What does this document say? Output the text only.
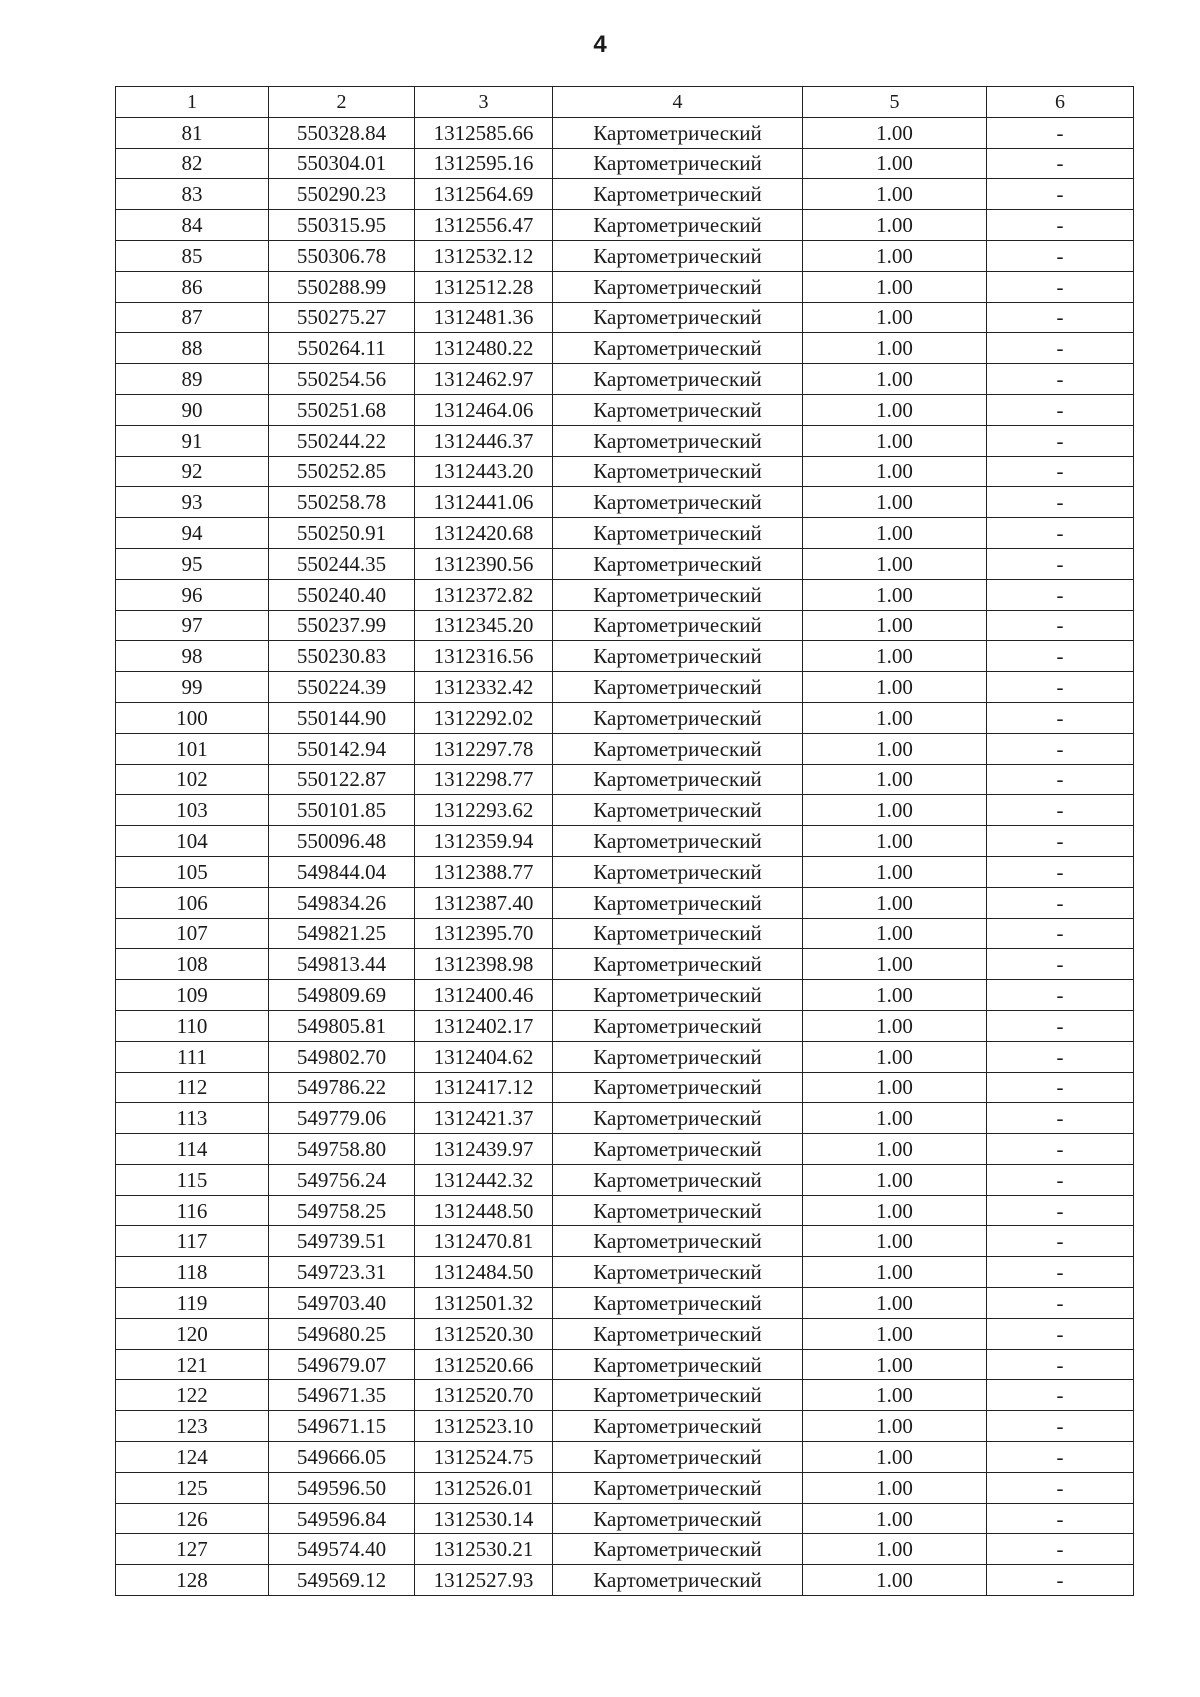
4
1	2	3	4	5	6
81	550328.84	1312585.66	Картометрический	1.00	-
82	550304.01	1312595.16	Картометрический	1.00	-
83	550290.23	1312564.69	Картометрический	1.00	-
84	550315.95	1312556.47	Картометрический	1.00	-
85	550306.78	1312532.12	Картометрический	1.00	-
86	550288.99	1312512.28	Картометрический	1.00	-
87	550275.27	1312481.36	Картометрический	1.00	-
88	550264.11	1312480.22	Картометрический	1.00	-
89	550254.56	1312462.97	Картометрический	1.00	-
90	550251.68	1312464.06	Картометрический	1.00	-
91	550244.22	1312446.37	Картометрический	1.00	-
92	550252.85	1312443.20	Картометрический	1.00	-
93	550258.78	1312441.06	Картометрический	1.00	-
94	550250.91	1312420.68	Картометрический	1.00	-
95	550244.35	1312390.56	Картометрический	1.00	-
96	550240.40	1312372.82	Картометрический	1.00	-
97	550237.99	1312345.20	Картометрический	1.00	-
98	550230.83	1312316.56	Картометрический	1.00	-
99	550224.39	1312332.42	Картометрический	1.00	-
100	550144.90	1312292.02	Картометрический	1.00	-
101	550142.94	1312297.78	Картометрический	1.00	-
102	550122.87	1312298.77	Картометрический	1.00	-
103	550101.85	1312293.62	Картометрический	1.00	-
104	550096.48	1312359.94	Картометрический	1.00	-
105	549844.04	1312388.77	Картометрический	1.00	-
106	549834.26	1312387.40	Картометрический	1.00	-
107	549821.25	1312395.70	Картометрический	1.00	-
108	549813.44	1312398.98	Картометрический	1.00	-
109	549809.69	1312400.46	Картометрический	1.00	-
110	549805.81	1312402.17	Картометрический	1.00	-
111	549802.70	1312404.62	Картометрический	1.00	-
112	549786.22	1312417.12	Картометрический	1.00	-
113	549779.06	1312421.37	Картометрический	1.00	-
114	549758.80	1312439.97	Картометрический	1.00	-
115	549756.24	1312442.32	Картометрический	1.00	-
116	549758.25	1312448.50	Картометрический	1.00	-
117	549739.51	1312470.81	Картометрический	1.00	-
118	549723.31	1312484.50	Картометрический	1.00	-
119	549703.40	1312501.32	Картометрический	1.00	-
120	549680.25	1312520.30	Картометрический	1.00	-
121	549679.07	1312520.66	Картометрический	1.00	-
122	549671.35	1312520.70	Картометрический	1.00	-
123	549671.15	1312523.10	Картометрический	1.00	-
124	549666.05	1312524.75	Картометрический	1.00	-
125	549596.50	1312526.01	Картометрический	1.00	-
126	549596.84	1312530.14	Картометрический	1.00	-
127	549574.40	1312530.21	Картометрический	1.00	-
128	549569.12	1312527.93	Картометрический	1.00	-
